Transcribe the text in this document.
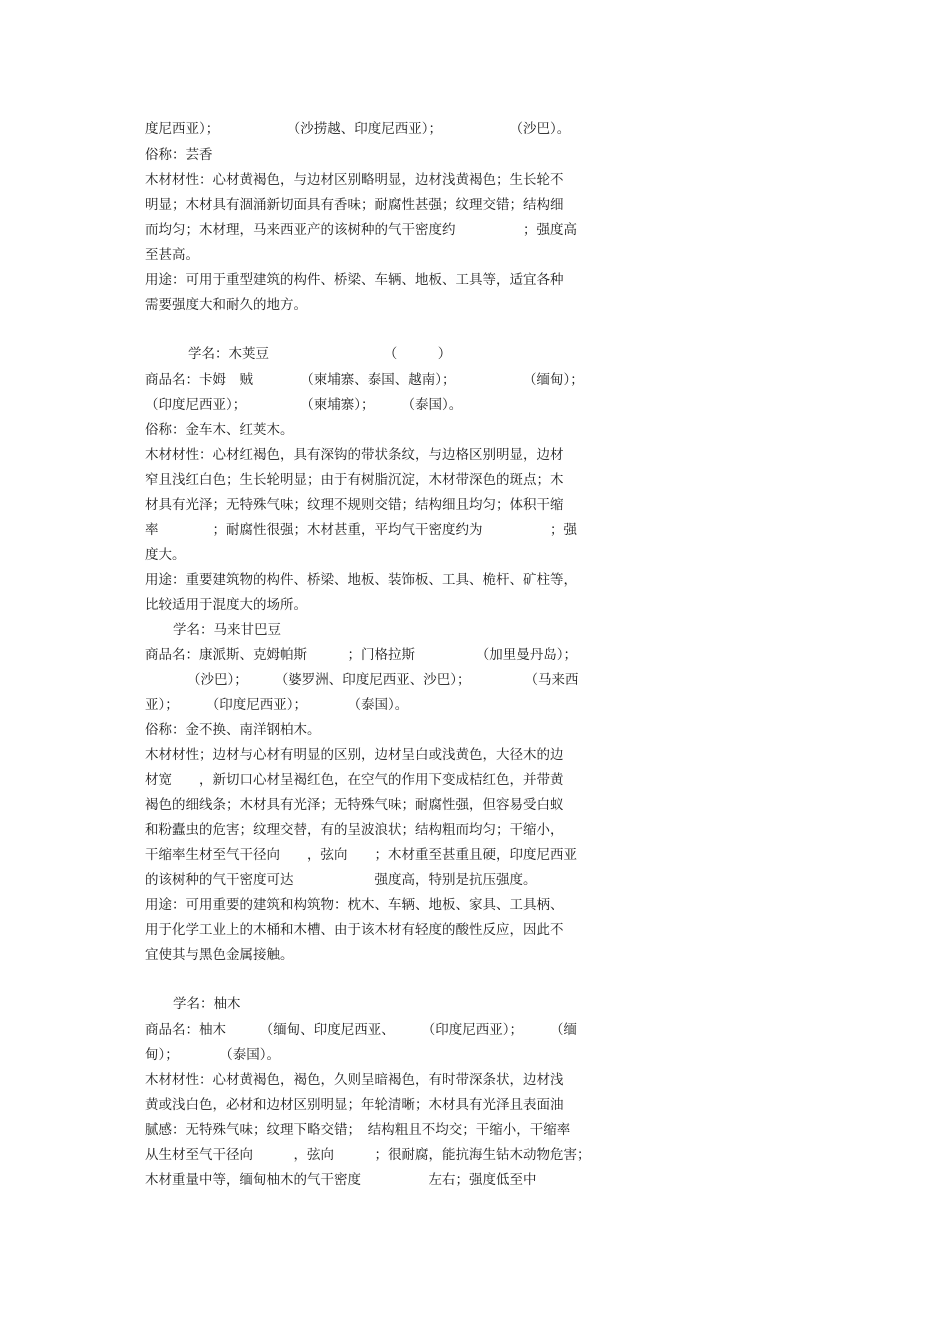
度尼西亚）；　　　　　　（沙捞越、印度尼西亚）；　　　　　　（沙巴）。
俗称：芸香
木材材性：心材黄褐色，与边材区别略明显，边材浅黄褐色；生长轮不
明显；木材具有涸涌新切面具有香味；耐腐性甚强；纹理交错；结构细
而均匀；木材理，马来西亚产的该树种的气干密度约　　　　　；强度高
至甚高。
用途：可用于重型建筑的构件、桥梁、车辆、地板、工具等，适宜各种
需要强度大和耐久的地方。
学名：木荚豆　　　　　　　　　（　　　）
商品名：卡姆　贼　　　　（柬埔寨、泰国、越南）；　　　　　　（缅甸）；
（印度尼西亚）；　　　　　（柬埔寨）；　　　（泰国）。
俗称：金车木、红荚木。
木材材性：心材红褐色，具有深钩的带状条纹，与边格区别明显，边材
窄且浅红白色；生长轮明显；由于有树脂沉淀，木材带深色的斑点；木
材具有光泽；无特殊气味；纹理不规则交错；结构细且均匀；体积干缩
率　　　　；耐腐性很强；木材甚重，平均气干密度约为　　　　　；强
度大。
用途：重要建筑物的构件、桥梁、地板、装饰板、工具、桅杆、矿柱等，
比较适用于混度大的场所。
学名：马来甘巴豆
商品名：康派斯、克姆帕斯　　　；门格拉斯　　　　　（加里曼丹岛）；
（沙巴）；　　　（婆罗洲、印度尼西亚、沙巴）；　　　　　（马来西
亚）；　　　（印度尼西亚）；　　　　（泰国）。
俗称：金不换、南洋钢柏木。
木材材性；边材与心材有明显的区别，边材呈白或浅黄色，大径木的边
材宽　　，新切口心材呈褐红色，在空气的作用下变成桔红色，并带黄
褐色的细线条；木材具有光泽；无特殊气味；耐腐性强，但容易受白蚁
和粉蠹虫的危害；纹理交替，有的呈波浪状；结构粗而均匀；干缩小，
干缩率生材至气干径向　　，弦向　　；木材重至甚重且硬，印度尼西亚
的该树种的气干密度可达　　　　　　强度高，特别是抗压强度。
用途：可用重要的建筑和构筑物：枕木、车辆、地板、家具、工具柄、
用于化学工业上的木桶和木槽、由于该木材有轻度的酸性反应，因此不
宜使其与黑色金属接触。
学名：柚木
商品名：柚木　　　（缅甸、印度尼西亚、　　　（印度尼西亚）；　　　（缅
甸）；　　　　（泰国）。
木材材性：心材黄褐色，褐色，久则呈暗褐色，有时带深条状，边材浅
黄或浅白色，必材和边材区别明显；年轮清晰；木材具有光泽且表面油
腻感：无特殊气味；纹理下略交错；　结构粗且不均交；干缩小，干缩率
从生材至气干径向　　　，弦向　　　；很耐腐，能抗海生钻木动物危害；
木材重量中等，缅甸柚木的气干密度　　　　　左右；强度低至中
